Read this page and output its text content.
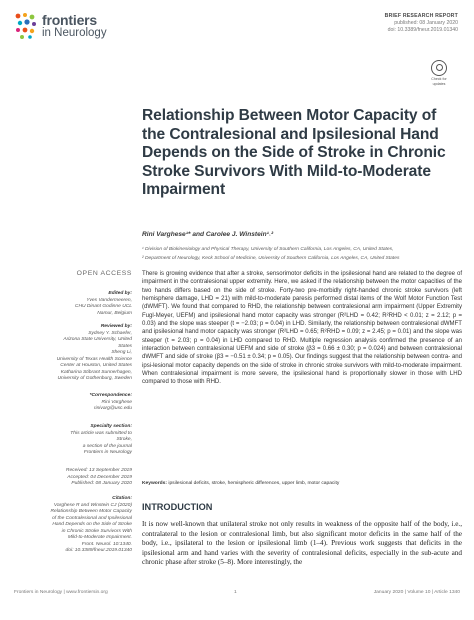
frontiers
in Neurology
BRIEF RESEARCH REPORT
published: 08 January 2020
doi: 10.3389/fneur.2019.01340
Check for
updates
Relationship Between Motor Capacity of the Contralesional and Ipsilesional Hand Depends on the Side of Stroke in Chronic Stroke Survivors With Mild-to-Moderate Impairment
Rini Varghese¹* and Carolee J. Winstein¹˒²
¹ Division of Biokinesiology and Physical Therapy, University of Southern California, Los Angeles, CA, United States,
² Department of Neurology, Keck School of Medicine, University of Southern California, Los Angeles, CA, United States
OPEN ACCESS
Edited by:
Yves Vandermeeren,
CHU Dinant Godinne UCL
Namur, Belgium
Reviewed by:
Sydney Y. Schaefer,
Arizona State University, United
States
Sheng Li,
University of Texas Health Science
Center at Houston, United States
Katharina Stibrant Sunnerhagen,
University of Gothenburg, Sweden
*Correspondence:
Rini Varghese
rinivarg@usc.edu
Specialty section:
This article was submitted to
Stroke,
a section of the journal
Frontiers in Neurology
Received: 13 September 2019
Accepted: 04 December 2019
Published: 08 January 2020
Citation:
Varghese R and Winstein CJ (2020)
Relationship Between Motor Capacity
of the Contralesional and Ipsilesional
Hand Depends on the Side of Stroke
in Chronic Stroke Survivors With
Mild-to-Moderate Impairment.
Front. Neurol. 10:1340.
doi: 10.3389/fneur.2019.01340
There is growing evidence that after a stroke, sensorimotor deficits in the ipsilesional hand are related to the degree of impairment in the contralesional upper extremity. Here, we asked if the relationship between the motor capacities of the two hands differs based on the side of stroke. Forty-two pre-morbidly right-handed chronic stroke survivors (left hemisphere damage, LHD = 21) with mild-to-moderate paresis performed distal items of the Wolf Motor Function Test (dWMFT). We found that compared to RHD, the relationship between contralesional arm impairment (Upper Extremity Fugl-Meyer, UEFM) and ipsilesional hand motor capacity was stronger (R²LHD = 0.42; R²RHD < 0.01; z = 2.12; p = 0.03) and the slope was steeper (t = −2.03; p = 0.04) in LHD. Similarly, the relationship between contralesional dWMFT and ipsilesional hand motor capacity was stronger (R²LHD = 0.65; R²RHD = 0.09; z = 2.45; p = 0.01) and the slope was steeper (t = 2.03; p = 0.04) in LHD compared to RHD. Multiple regression analysis confirmed the presence of an interaction between contralesional UEFM and side of stroke (β3 = 0.66 ± 0.30; p = 0.024) and between contralesional dWMFT and side of stroke (β3 = −0.51 ± 0.34; p = 0.05). Our findings suggest that the relationship between contra- and ipsi-lesional motor capacity depends on the side of stroke in chronic stroke survivors with mild-to-moderate impairment. When contralesional impairment is more severe, the ipsilesional hand is proportionally slower in those with LHD compared to those with RHD.
Keywords: ipsilesional deficits, stroke, hemispheric differences, upper limb, motor capacity
INTRODUCTION
It is now well-known that unilateral stroke not only results in weakness of the opposite half of the body, i.e., contralateral to the lesion or contralesional limb, but also significant motor deficits in the same half of the body, i.e., ipsilateral to the lesion or ipsilesional limb (1–4). Previous work suggests that deficits in the ipsilesional arm and hand varies with the severity of contralesional deficits, especially in the sub-acute and chronic phase after stroke (5–8). More interestingly, the
Frontiers in Neurology | www.frontiersin.org	1	January 2020 | Volume 10 | Article 1340
